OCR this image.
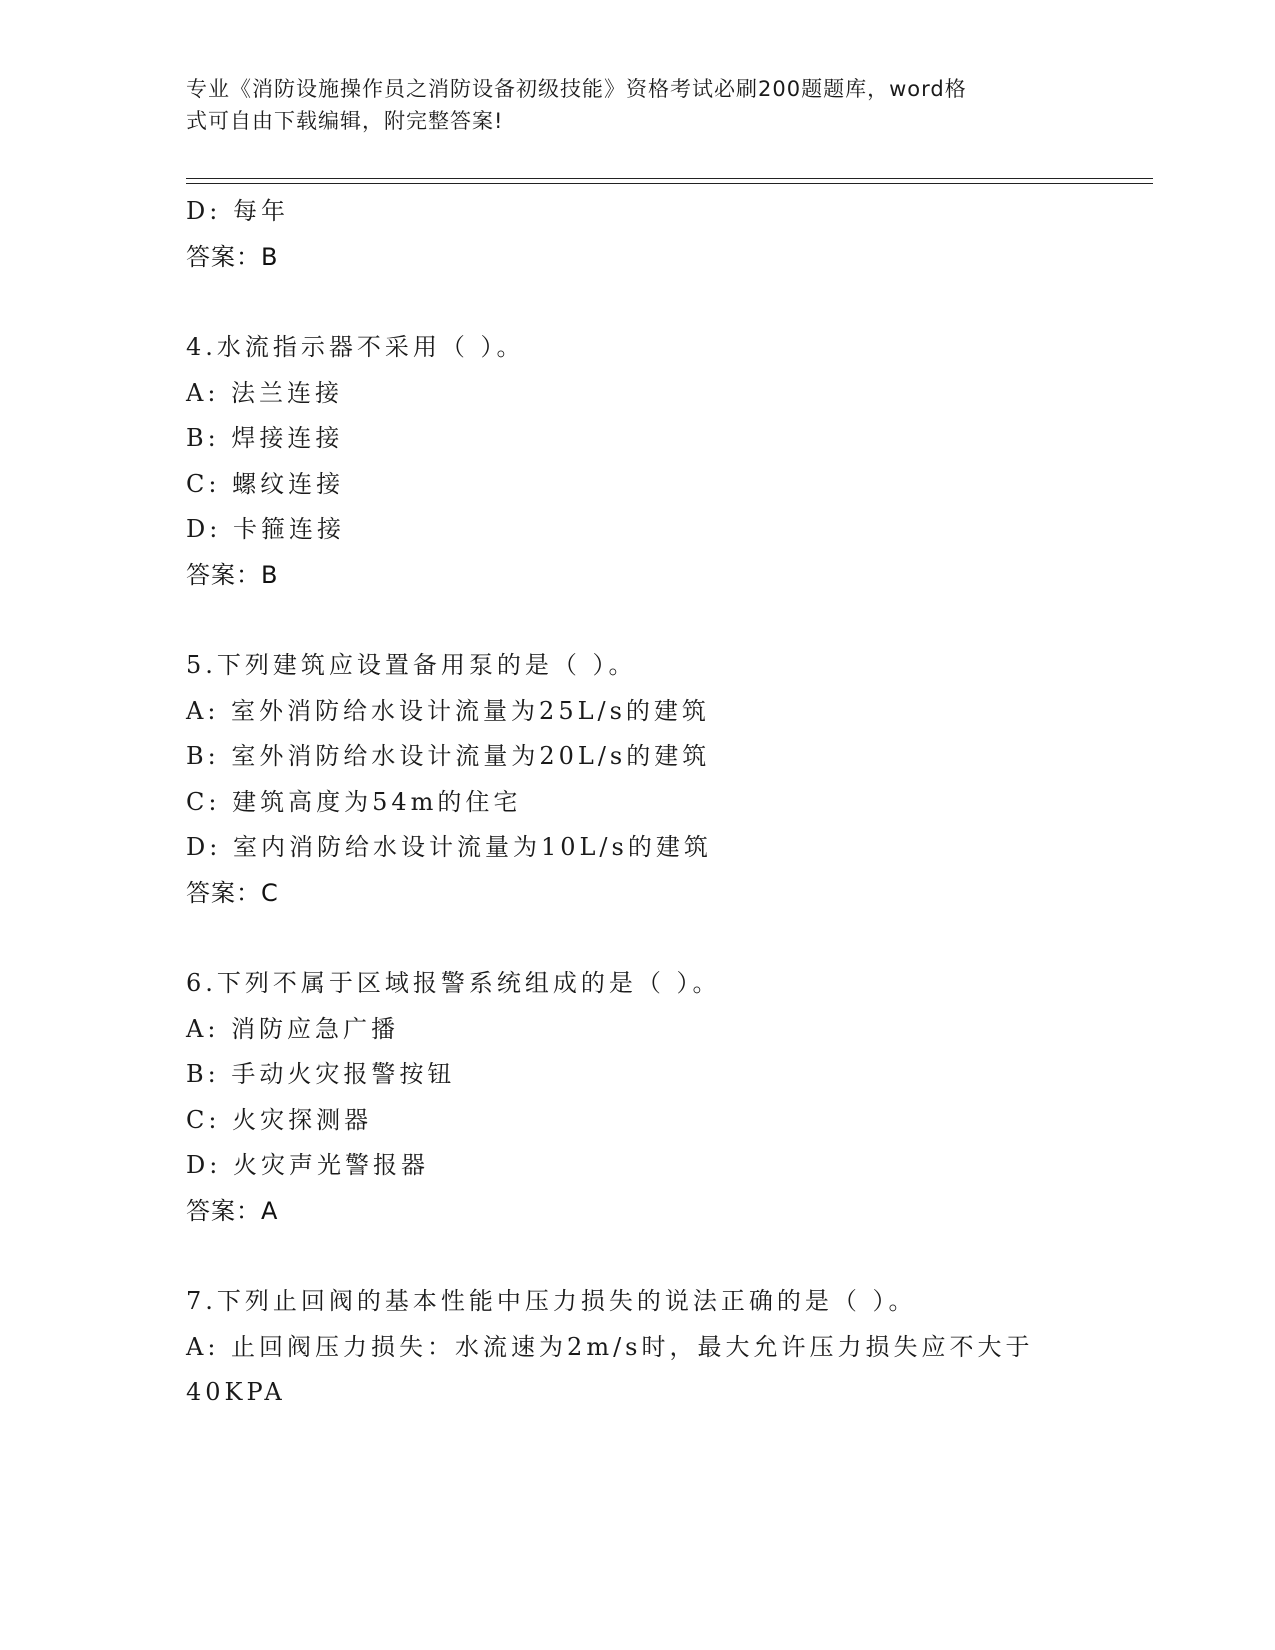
专业《消防设施操作员之消防设备初级技能》资格考试必刷200题题库，word格
式可自由下载编辑，附完整答案!
D: 每年
答案：B
4.水流指示器不采用（ ）。
A: 法兰连接
B: 焊接连接
C: 螺纹连接
D: 卡箍连接
答案：B
5.下列建筑应设置备用泵的是（ ）。
A: 室外消防给水设计流量为25L/s的建筑
B: 室外消防给水设计流量为20L/s的建筑
C: 建筑高度为54m的住宅
D: 室内消防给水设计流量为10L/s的建筑
答案：C
6.下列不属于区域报警系统组成的是（ ）。
A: 消防应急广播
B: 手动火灾报警按钮
C: 火灾探测器
D: 火灾声光警报器
答案：A
7.下列止回阀的基本性能中压力损失的说法正确的是（ ）。
A: 止回阀压力损失：水流速为2m/s时，最大允许压力损失应不大于
40KPA
